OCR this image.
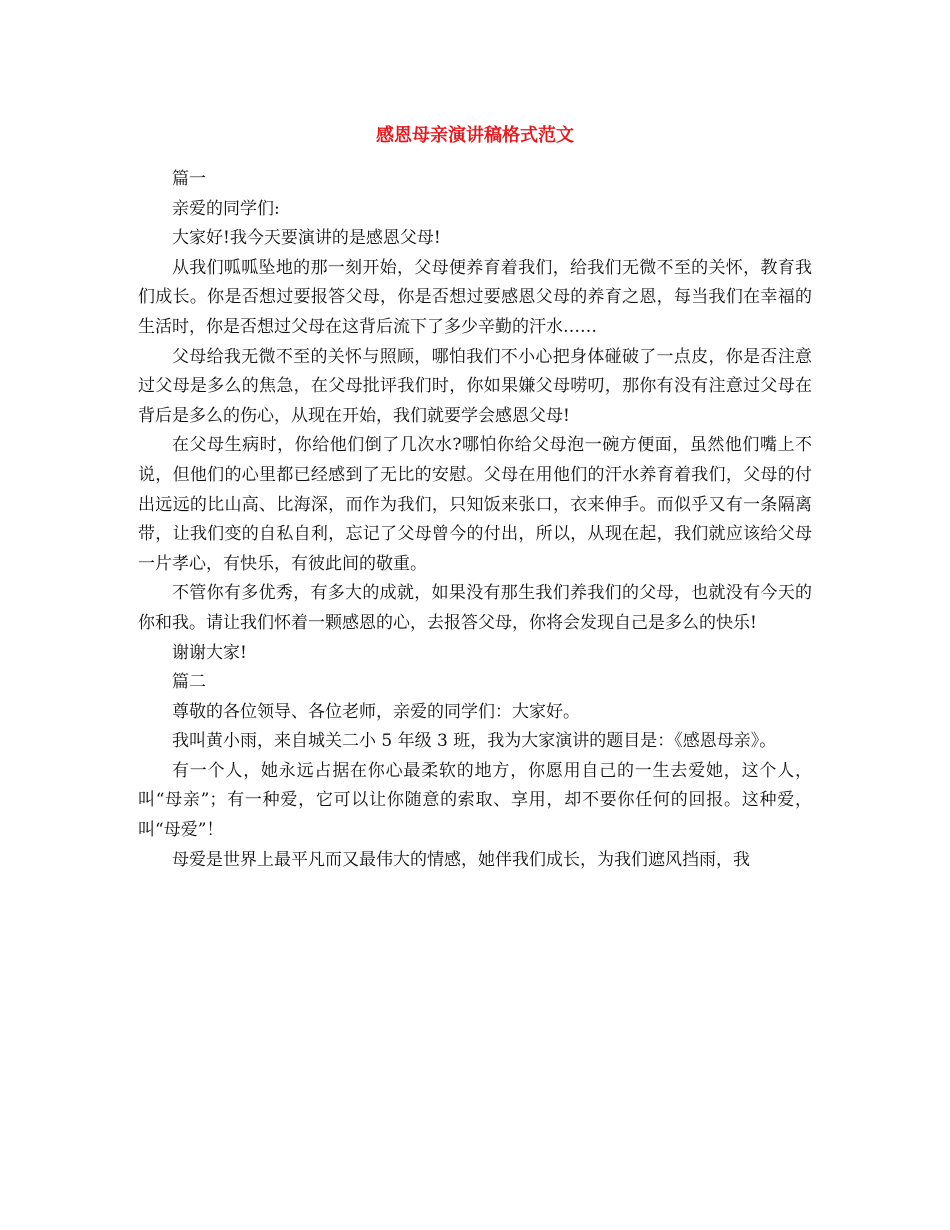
感恩母亲演讲稿格式范文

篇一

亲爱的同学们:

大家好!我今天要演讲的是感恩父母!

从我们呱呱坠地的那一刻开始，父母便养育着我们，给我们无微不至的关怀，教育我们成长。你是否想过要报答父母，你是否想过要感恩父母的养育之恩，每当我们在幸福的生活时，你是否想过父母在这背后流下了多少辛勤的汗水……

父母给我无微不至的关怀与照顾，哪怕我们不小心把身体碰破了一点皮，你是否注意过父母是多么的焦急，在父母批评我们时，你如果嫌父母唠叨，那你有没有注意过父母在背后是多么的伤心，从现在开始，我们就要学会感恩父母!

在父母生病时，你给他们倒了几次水?哪怕你给父母泡一碗方便面，虽然他们嘴上不说，但他们的心里都已经感到了无比的安慰。父母在用他们的汗水养育着我们，父母的付出远远的比山高、比海深，而作为我们，只知饭来张口，衣来伸手。而似乎又有一条隔离带，让我们变的自私自利，忘记了父母曾今的付出，所以，从现在起，我们就应该给父母一片孝心，有快乐，有彼此间的敬重。

不管你有多优秀，有多大的成就，如果没有那生我们养我们的父母，也就没有今天的你和我。请让我们怀着一颗感恩的心，去报答父母，你将会发现自己是多么的快乐!

谢谢大家!

篇二

尊敬的各位领导、各位老师，亲爱的同学们：大家好。

我叫黄小雨，来自城关二小 5 年级 3 班，我为大家演讲的题目是：《感恩母亲》。

有一个人，她永远占据在你心最柔软的地方，你愿用自己的一生去爱她，这个人，叫“母亲”；有一种爱，它可以让你随意的索取、享用，却不要你任何的回报。这种爱，叫“母爱”！

母爱是世界上最平凡而又最伟大的情感，她伴我们成长，为我们遮风挡雨，我
